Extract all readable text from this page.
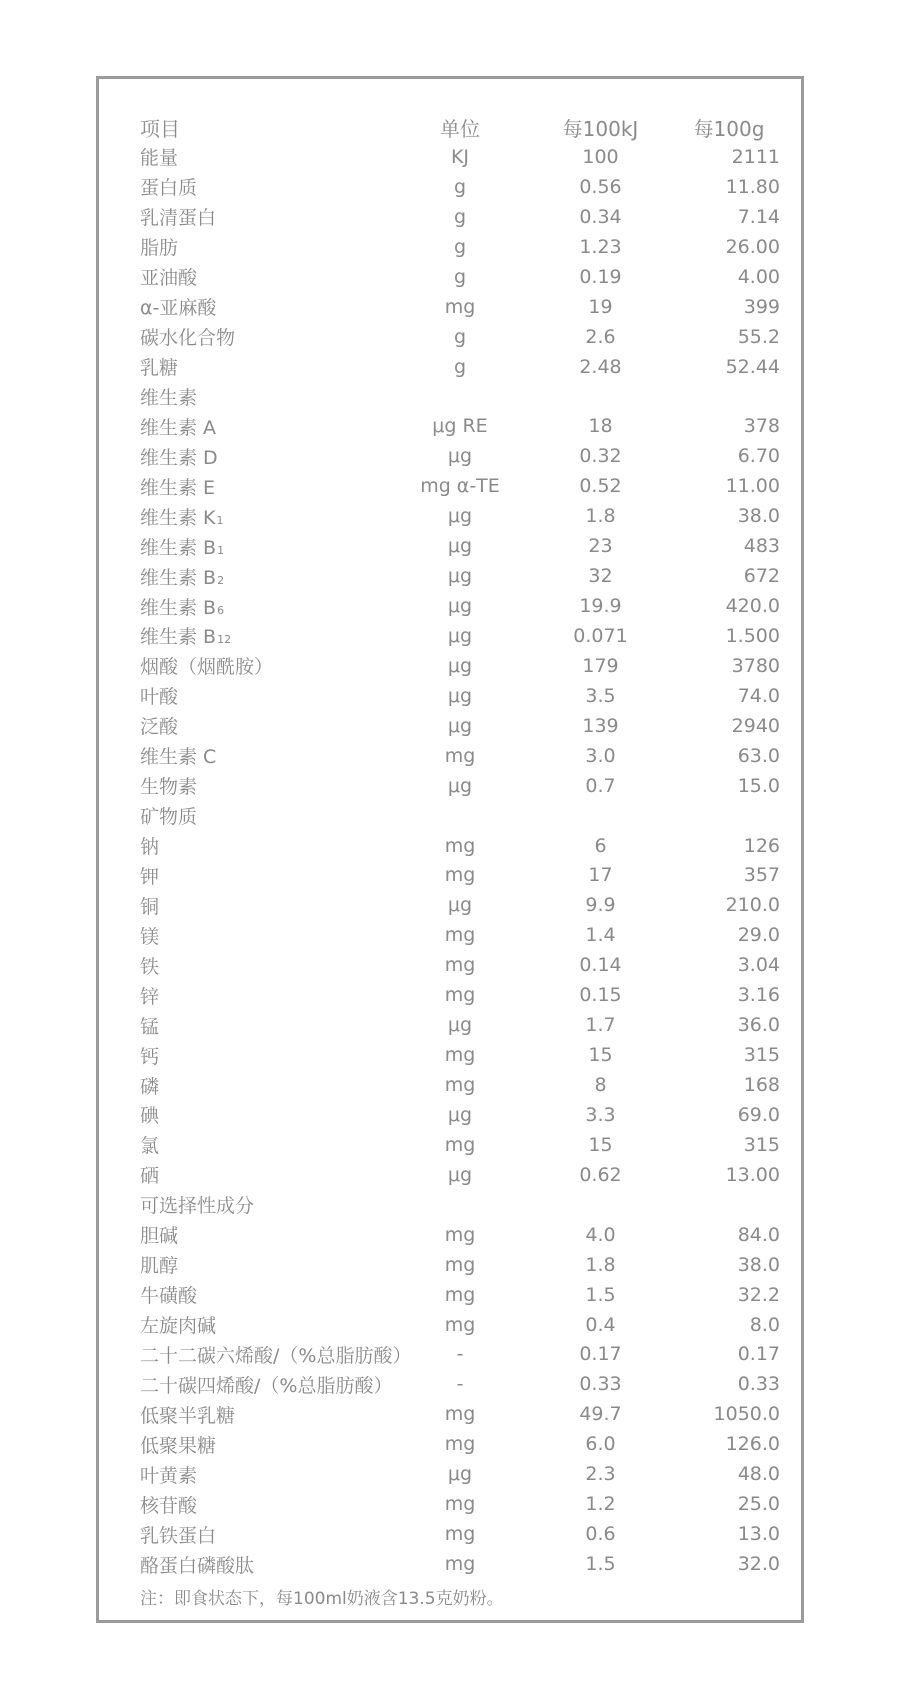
项目	单位	每100kJ	每100g
能量	KJ	100	2111
蛋白质	g	0.56	11.80
乳清蛋白	g	0.34	7.14
脂肪	g	1.23	26.00
亚油酸	g	0.19	4.00
α-亚麻酸	mg	19	399
碳水化合物	g	2.6	55.2
乳糖	g	2.48	52.44
维生素
维生素 A	μg RE	18	378
维生素 D	μg	0.32	6.70
维生素 E	mg α-TE	0.52	11.00
维生素 K1	μg	1.8	38.0
维生素 B1	μg	23	483
维生素 B2	μg	32	672
维生素 B6	μg	19.9	420.0
维生素 B12	μg	0.071	1.500
烟酸（烟酰胺）	μg	179	3780
叶酸	μg	3.5	74.0
泛酸	μg	139	2940
维生素 C	mg	3.0	63.0
生物素	μg	0.7	15.0
矿物质
钠	mg	6	126
钾	mg	17	357
铜	μg	9.9	210.0
镁	mg	1.4	29.0
铁	mg	0.14	3.04
锌	mg	0.15	3.16
锰	μg	1.7	36.0
钙	mg	15	315
磷	mg	8	168
碘	μg	3.3	69.0
氯	mg	15	315
硒	μg	0.62	13.00
可选择性成分
胆碱	mg	4.0	84.0
肌醇	mg	1.8	38.0
牛磺酸	mg	1.5	32.2
左旋肉碱	mg	0.4	8.0
二十二碳六烯酸/（%总脂肪酸）	-	0.17	0.17
二十碳四烯酸/（%总脂肪酸）	-	0.33	0.33
低聚半乳糖	mg	49.7	1050.0
低聚果糖	mg	6.0	126.0
叶黄素	μg	2.3	48.0
核苷酸	mg	1.2	25.0
乳铁蛋白	mg	0.6	13.0
酪蛋白磷酸肽	mg	1.5	32.0
注：即食状态下，每100ml奶液含13.5克奶粉。
